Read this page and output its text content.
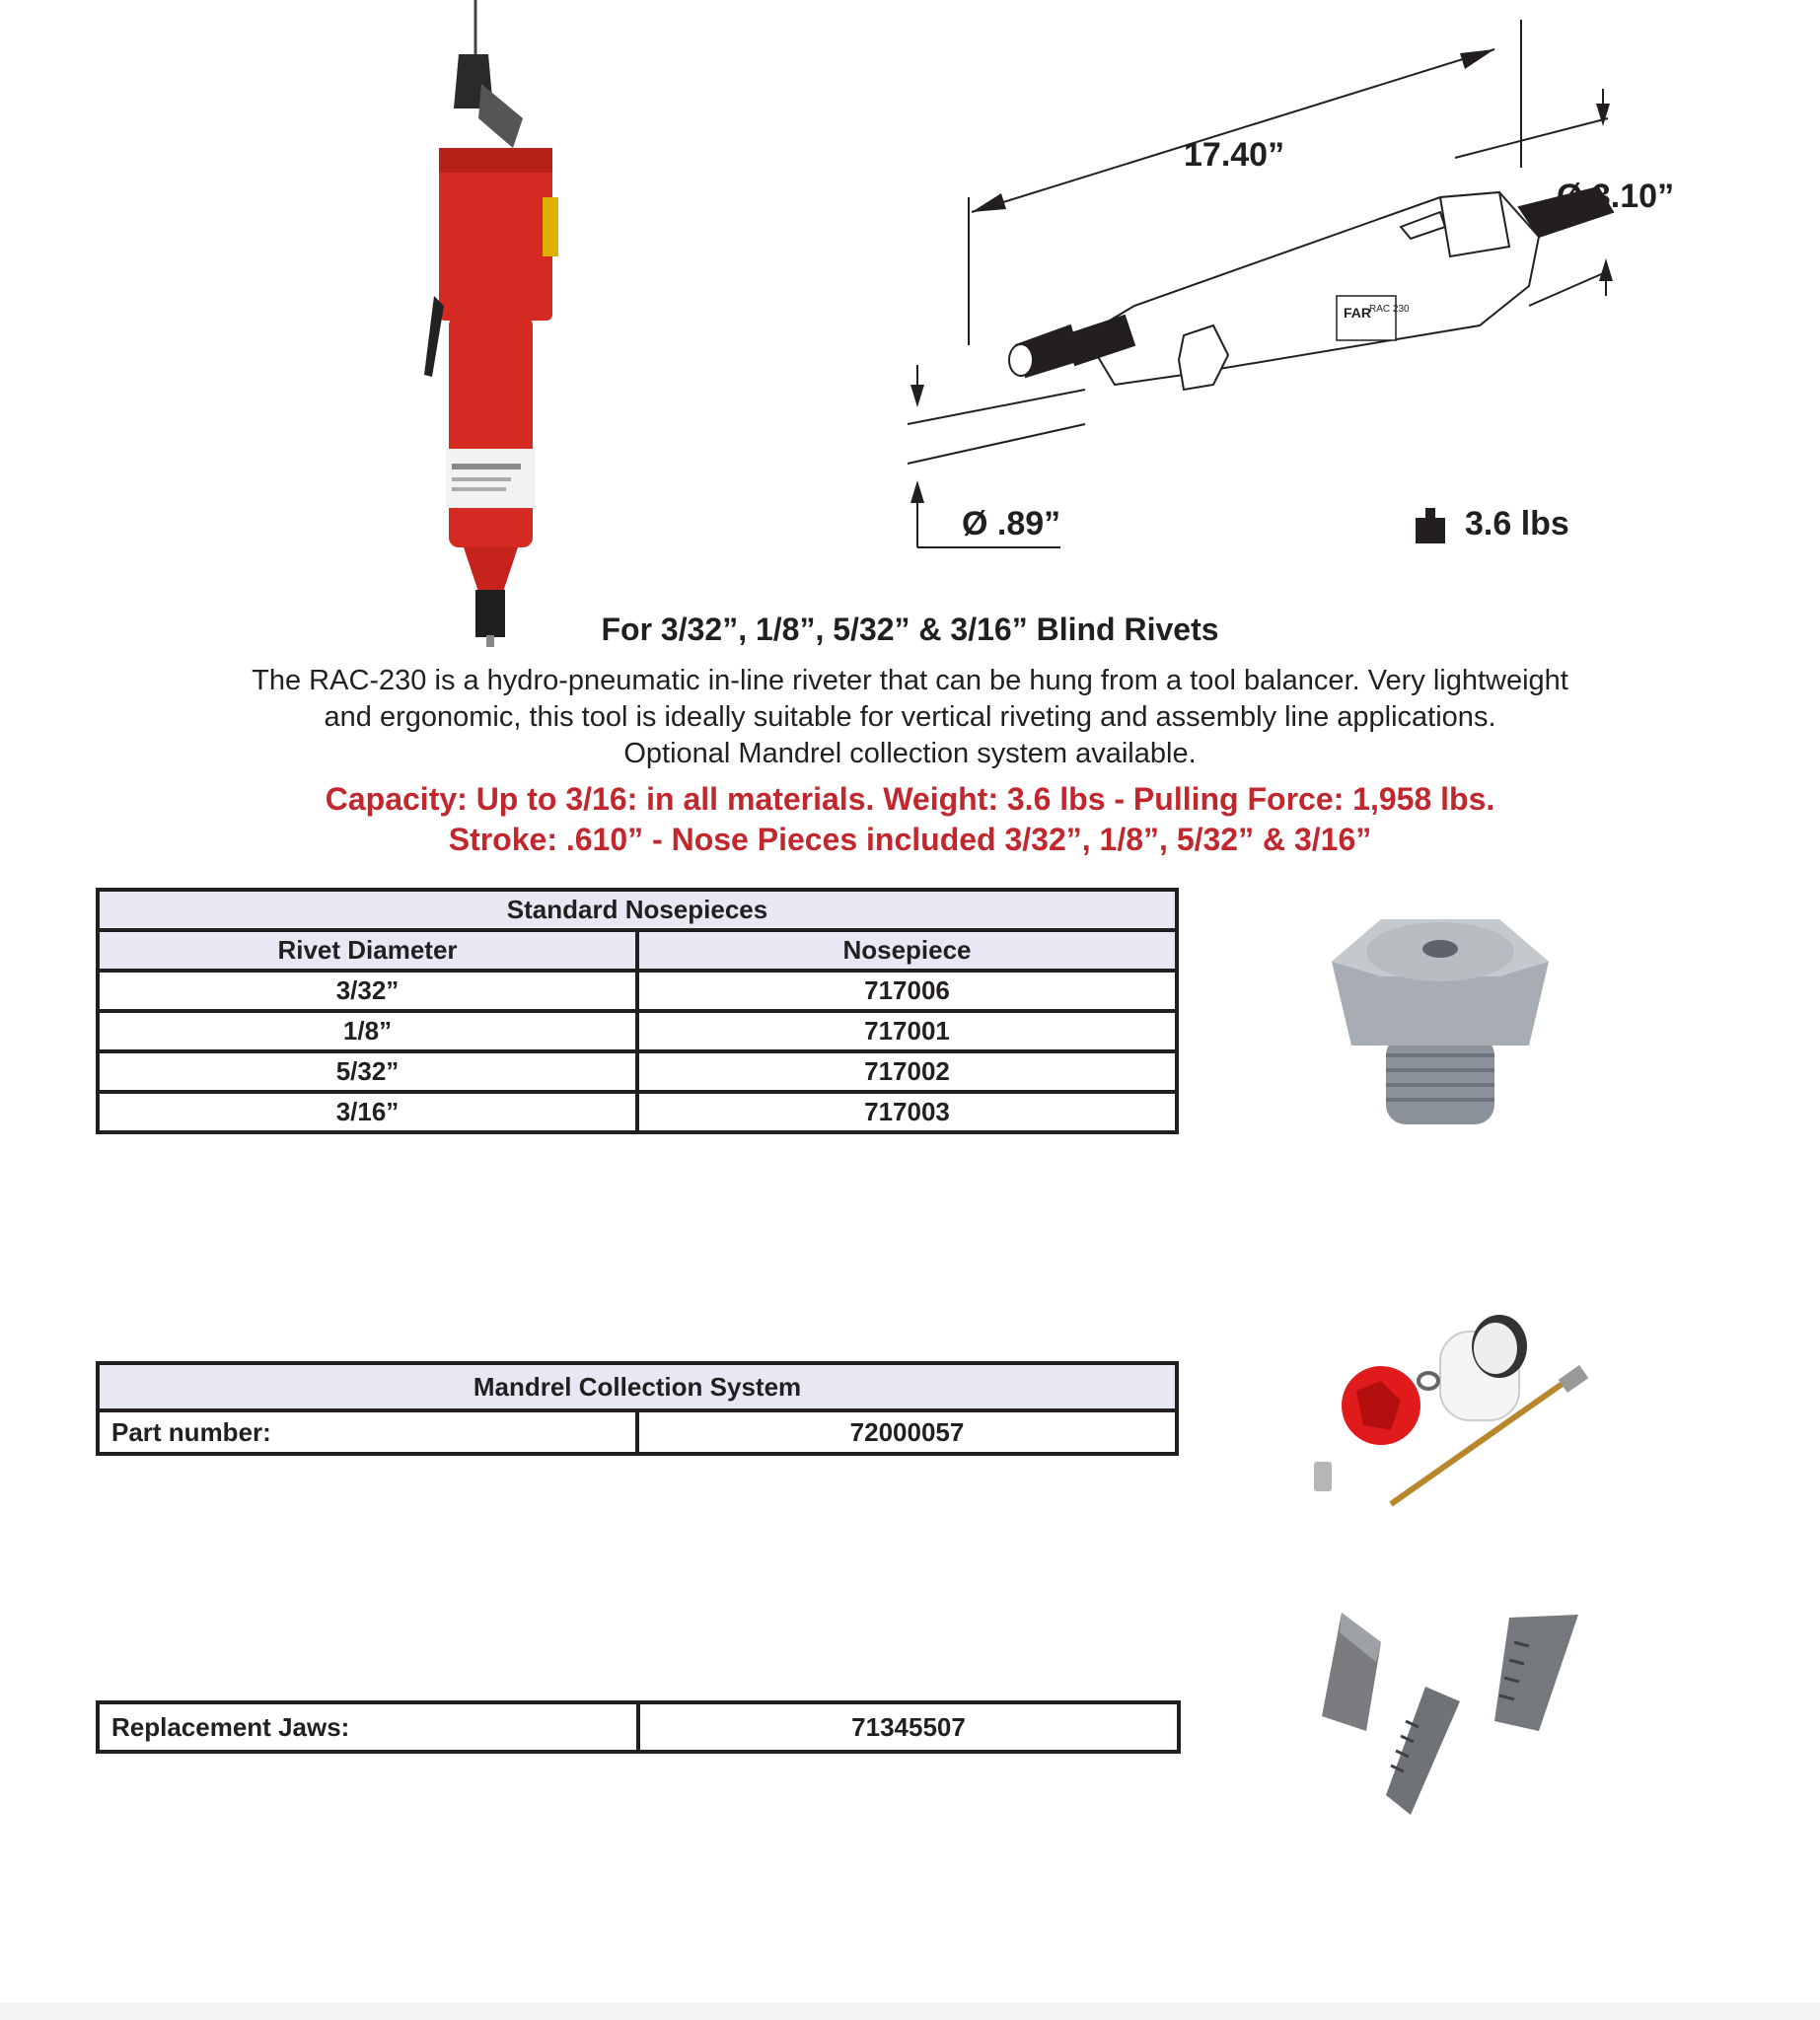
FAR
RAC 230
17.40”
Ø 3.10”
Ø .89”	3.6 lbs
For 3/32”, 1/8”, 5/32” & 3/16” Blind Rivets
The RAC-230 is a hydro-pneumatic in-line riveter that can be hung from a tool balancer. Very lightweight
and ergonomic, this tool is ideally suitable for vertical riveting and assembly line applications.
Optional Mandrel collection system available.
Capacity: Up to 3/16: in all materials. Weight: 3.6 lbs - Pulling Force: 1,958 lbs.
Stroke: .610” - Nose Pieces included 3/32”, 1/8”, 5/32” & 3/16”
Standard Nosepieces	
Rivet Diameter	Nosepiece
3/32”	717006
1/8”	717001
5/32”	717002
3/16”	717003
Mandrel Collection System
Part number:	72000057
Replacement Jaws:	71345507
